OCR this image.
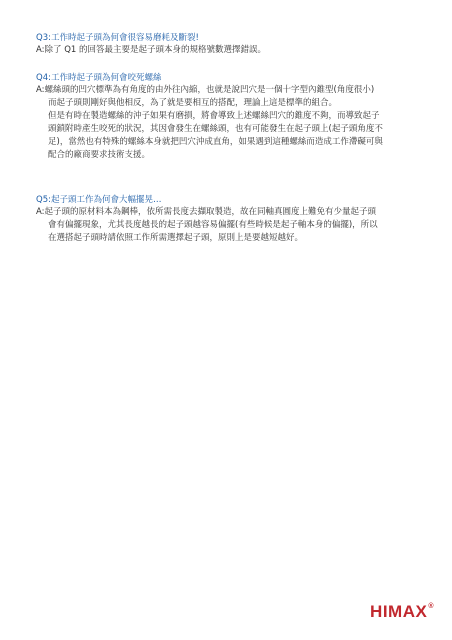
Q3:工作時起子頭為何會很容易磨耗及斷裂!

A:除了 Q1 的回答最主要是起子頭本身的規格號數選擇錯誤。

Q4:工作時起子頭為何會咬死螺絲

A:螺絲頭的凹穴標準為有角度的由外往內縮，也就是說凹穴是一個十字型內錐型(角度很小)

而起子頭則剛好與他相反，為了就是要相互的搭配，理論上這是標準的組合。

但是有時在製造螺絲的沖子如果有磨損，將會導致上述螺絲凹穴的錐度不夠，而導致起子

頭鎖附時產生咬死的狀況，其因會發生在螺絲頭，也有可能發生在起子頭上(起子頭角度不

足)，當然也有特殊的螺絲本身就把凹穴沖成直角，如果遇到這種螺絲而造成工作滯礙可與

配合的廠商要求技術支援。

Q5:起子頭工作為何會大幅擺晃…

A:起子頭的原材料本為鋼棒，依所需長度去擷取製造，故在同軸真圓度上難免有少量起子頭

會有偏擺現象，尤其長度越長的起子頭越容易偏擺(有些時候是起子軸本身的偏擺)，所以

在選搭起子頭時請依照工作所需選擇起子頭，原則上是要越短越好。

HIMAX ®
